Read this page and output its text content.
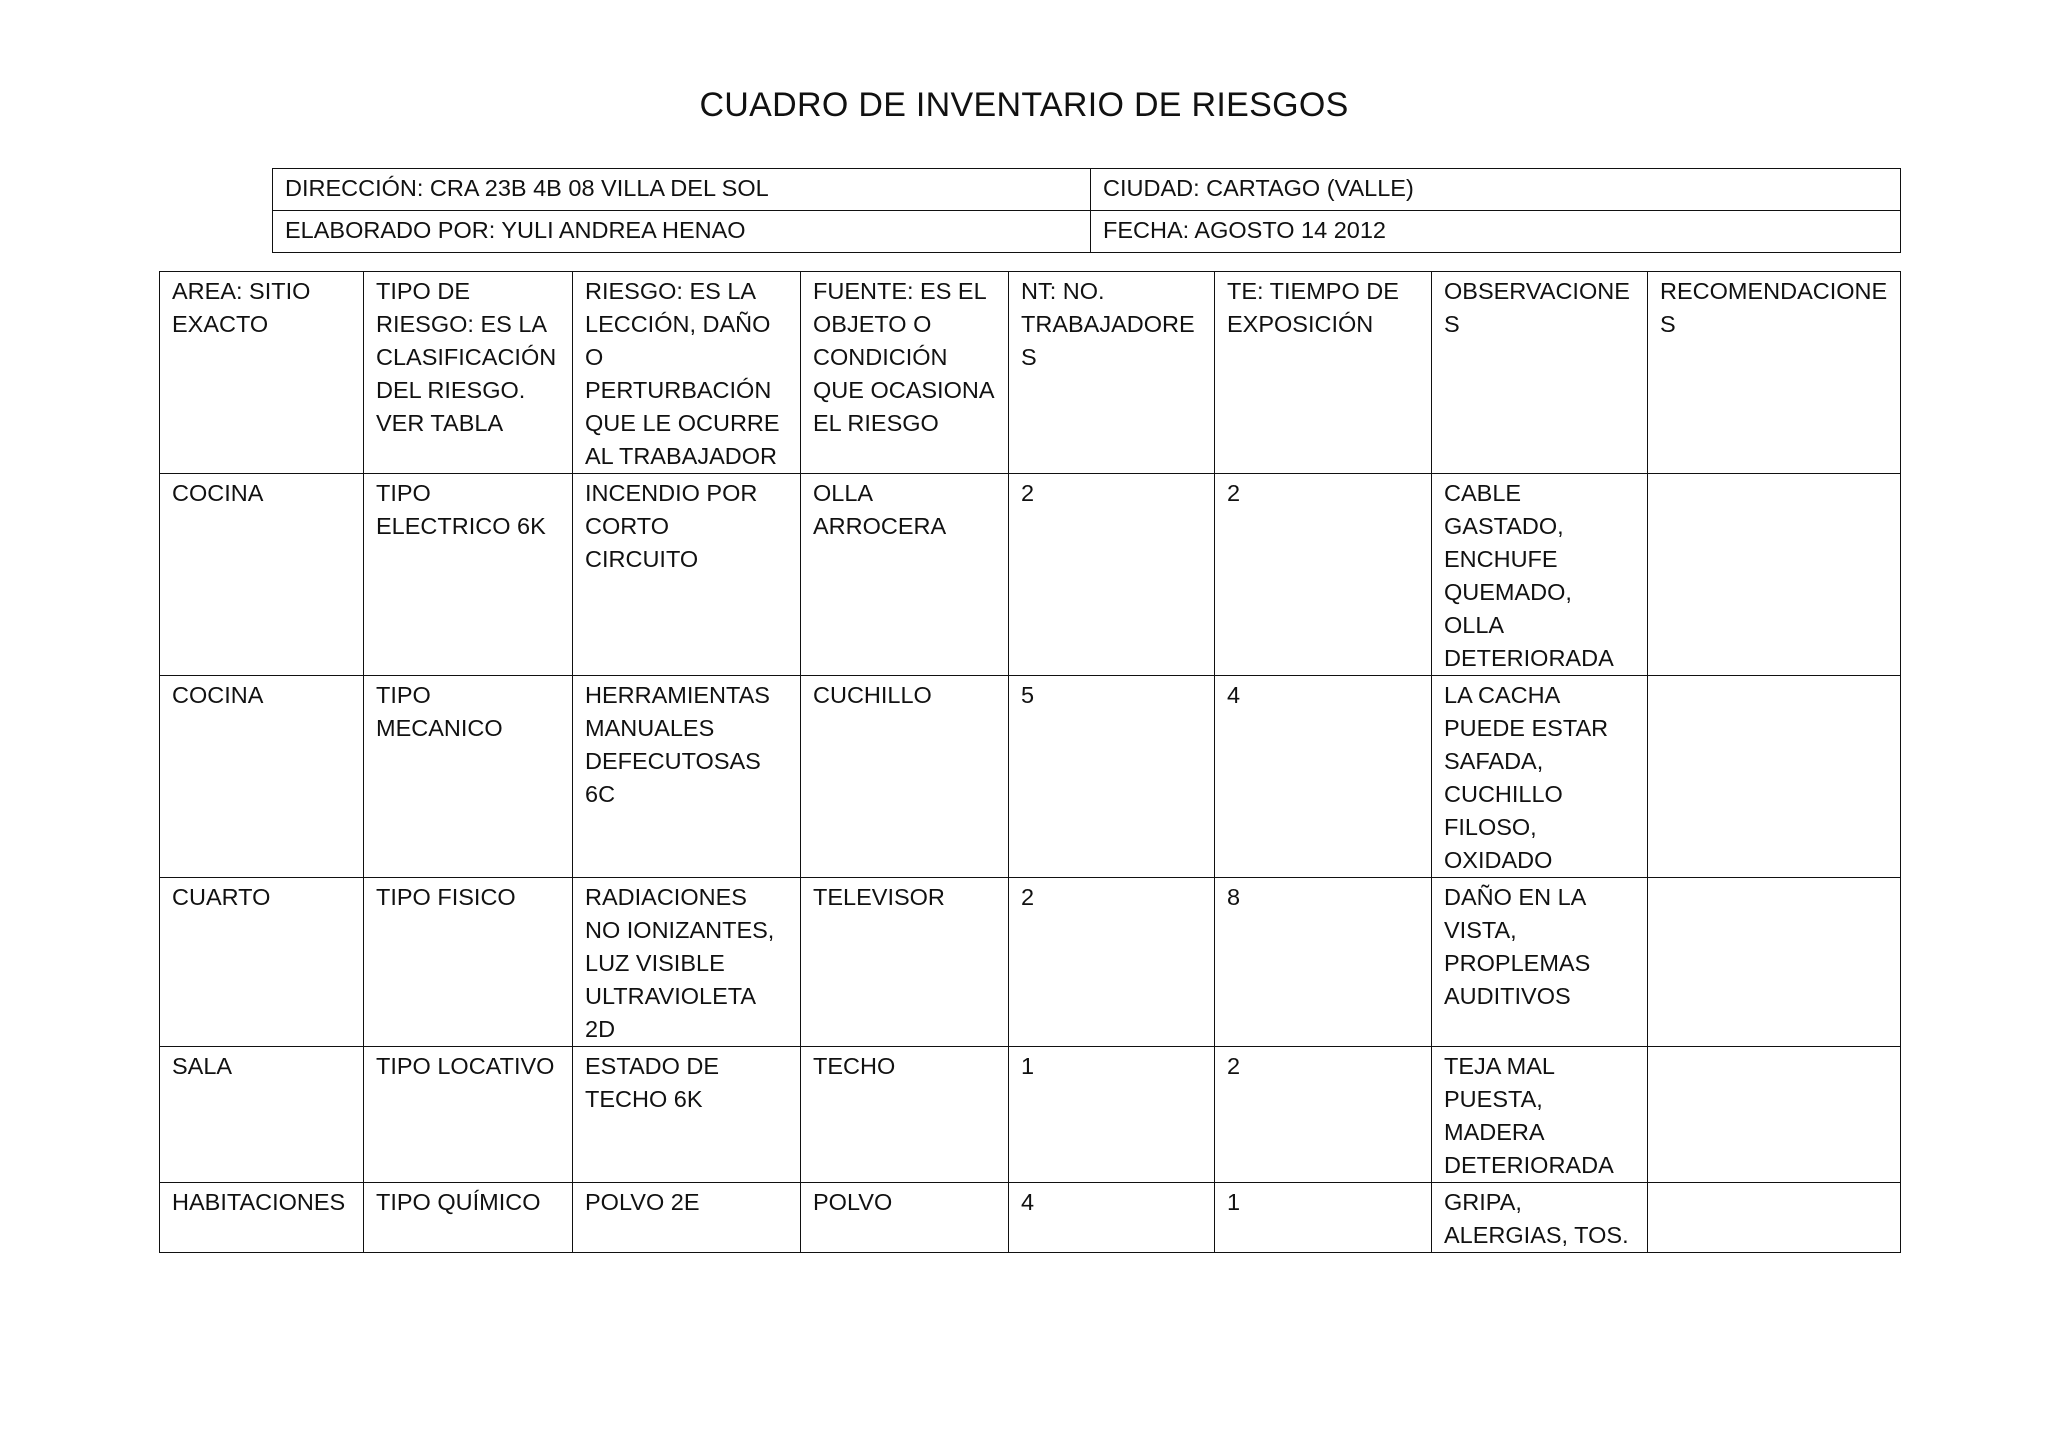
CUADRO DE INVENTARIO DE RIESGOS
DIRECCIÓN: CRA 23B 4B 08 VILLA DEL SOL	CIUDAD: CARTAGO (VALLE)
ELABORADO POR: YULI ANDREA HENAO	FECHA: AGOSTO 14 2012
AREA: SITIO EXACTO	TIPO DE RIESGO: ES LA CLASIFICACIÓN DEL RIESGO. VER TABLA	RIESGO: ES LA LECCIÓN, DAÑO O PERTURBACIÓN QUE LE OCURRE AL TRABAJADOR	FUENTE: ES EL OBJETO O CONDICIÓN QUE OCASIONA EL RIESGO	NT: NO. TRABAJADORES	TE: TIEMPO DE EXPOSICIÓN	OBSERVACIONES	RECOMENDACIONES
COCINA	TIPO ELECTRICO 6K	INCENDIO POR CORTO CIRCUITO	OLLA ARROCERA	2	2	CABLE GASTADO, ENCHUFE QUEMADO, OLLA DETERIORADA	
COCINA	TIPO MECANICO	HERRAMIENTAS MANUALES DEFECUTOSAS 6C	CUCHILLO	5	4	LA CACHA PUEDE ESTAR SAFADA, CUCHILLO FILOSO, OXIDADO	
CUARTO	TIPO FISICO	RADIACIONES NO IONIZANTES, LUZ VISIBLE ULTRAVIOLETA 2D	TELEVISOR	2	8	DAÑO EN LA VISTA, PROPLEMAS AUDITIVOS	
SALA	TIPO LOCATIVO	ESTADO DE TECHO 6K	TECHO	1	2	TEJA MAL PUESTA, MADERA DETERIORADA	
HABITACIONES	TIPO QUÍMICO	POLVO 2E	POLVO	4	1	GRIPA, ALERGIAS, TOS.	
